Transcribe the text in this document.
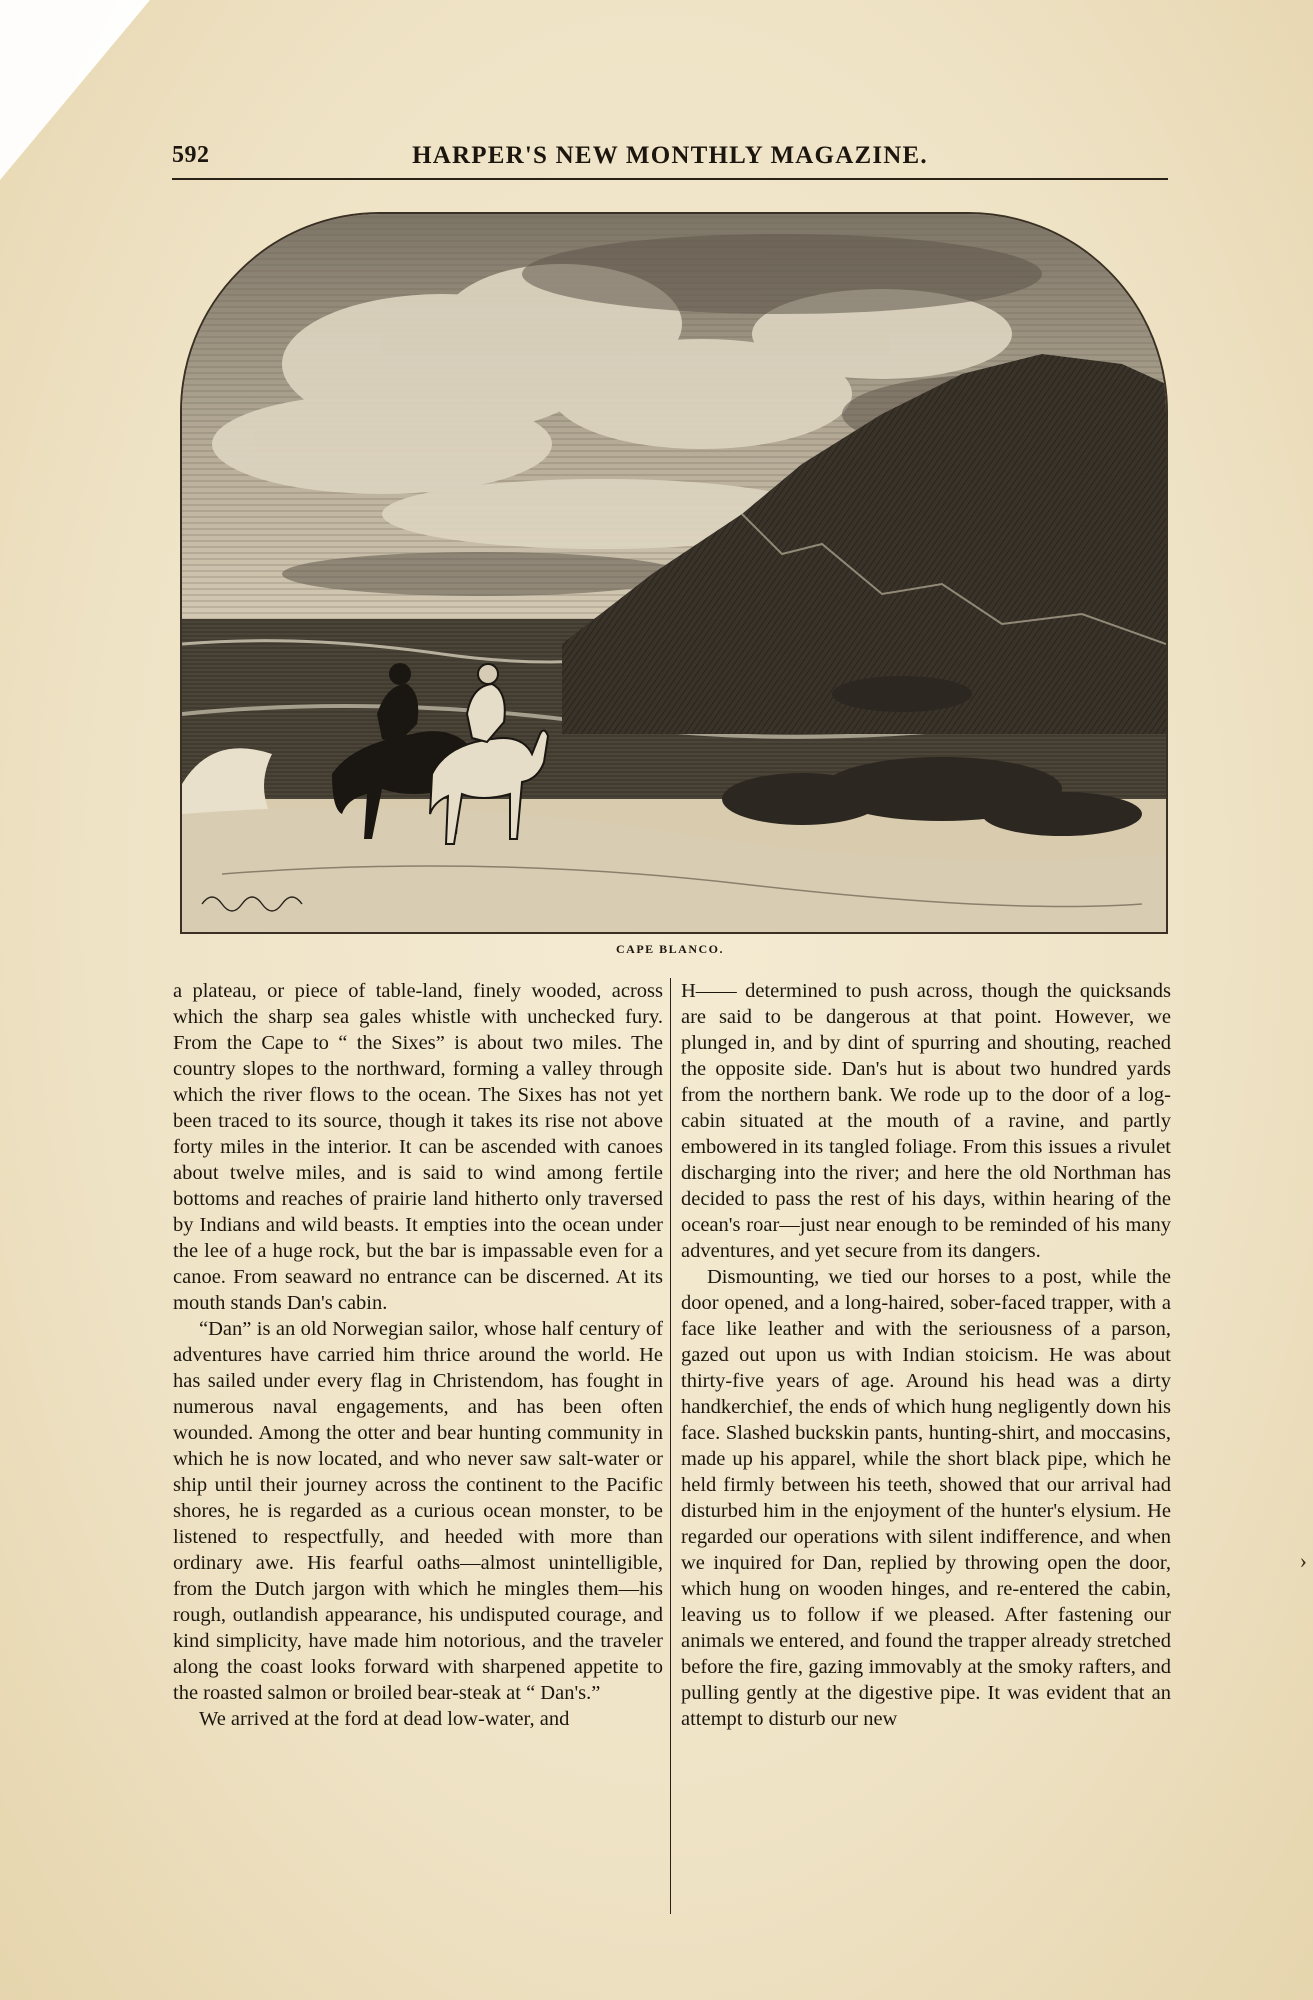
592	HARPER'S NEW MONTHLY MAGAZINE.
CAPE BLANCO.

a plateau, or piece of table-land, finely wooded, across which the sharp sea gales whistle with unchecked fury. From the Cape to “ the Sixes” is about two miles. The country slopes to the northward, forming a valley through which the river flows to the ocean. The Sixes has not yet been traced to its source, though it takes its rise not above forty miles in the interior. It can be ascended with canoes about twelve miles, and is said to wind among fertile bottoms and reaches of prairie land hitherto only traversed by Indians and wild beasts. It empties into the ocean under the lee of a huge rock, but the bar is impassable even for a canoe. From seaward no entrance can be discerned. At its mouth stands Dan's cabin.

“Dan” is an old Norwegian sailor, whose half century of adventures have carried him thrice around the world. He has sailed under every flag in Christendom, has fought in numerous naval engagements, and has been often wounded. Among the otter and bear hunting community in which he is now located, and who never saw salt-water or ship until their journey across the continent to the Pacific shores, he is regarded as a curious ocean monster, to be listened to respectfully, and heeded with more than ordinary awe. His fearful oaths—almost unintelligible, from the Dutch jargon with which he mingles them—his rough, outlandish appearance, his undisputed courage, and kind simplicity, have made him notorious, and the traveler along the coast looks forward with sharpened appetite to the roasted salmon or broiled bear-steak at “ Dan's.”

We arrived at the ford at dead low-water, and

H—— determined to push across, though the quicksands are said to be dangerous at that point. However, we plunged in, and by dint of spurring and shouting, reached the opposite side. Dan's hut is about two hundred yards from the northern bank. We rode up to the door of a log-cabin situated at the mouth of a ravine, and partly embowered in its tangled foliage. From this issues a rivulet discharging into the river; and here the old Northman has decided to pass the rest of his days, within hearing of the ocean's roar—just near enough to be reminded of his many adventures, and yet secure from its dangers.

Dismounting, we tied our horses to a post, while the door opened, and a long-haired, sober-faced trapper, with a face like leather and with the seriousness of a parson, gazed out upon us with Indian stoicism. He was about thirty-five years of age. Around his head was a dirty handkerchief, the ends of which hung negligently down his face. Slashed buckskin pants, hunting-shirt, and moccasins, made up his apparel, while the short black pipe, which he held firmly between his teeth, showed that our arrival had disturbed him in the enjoyment of the hunter's elysium. He regarded our operations with silent indifference, and when we inquired for Dan, replied by throwing open the door, which hung on wooden hinges, and re-entered the cabin, leaving us to follow if we pleased. After fastening our animals we entered, and found the trapper already stretched before the fire, gazing immovably at the smoky rafters, and pulling gently at the digestive pipe. It was evident that an attempt to disturb our new

›
